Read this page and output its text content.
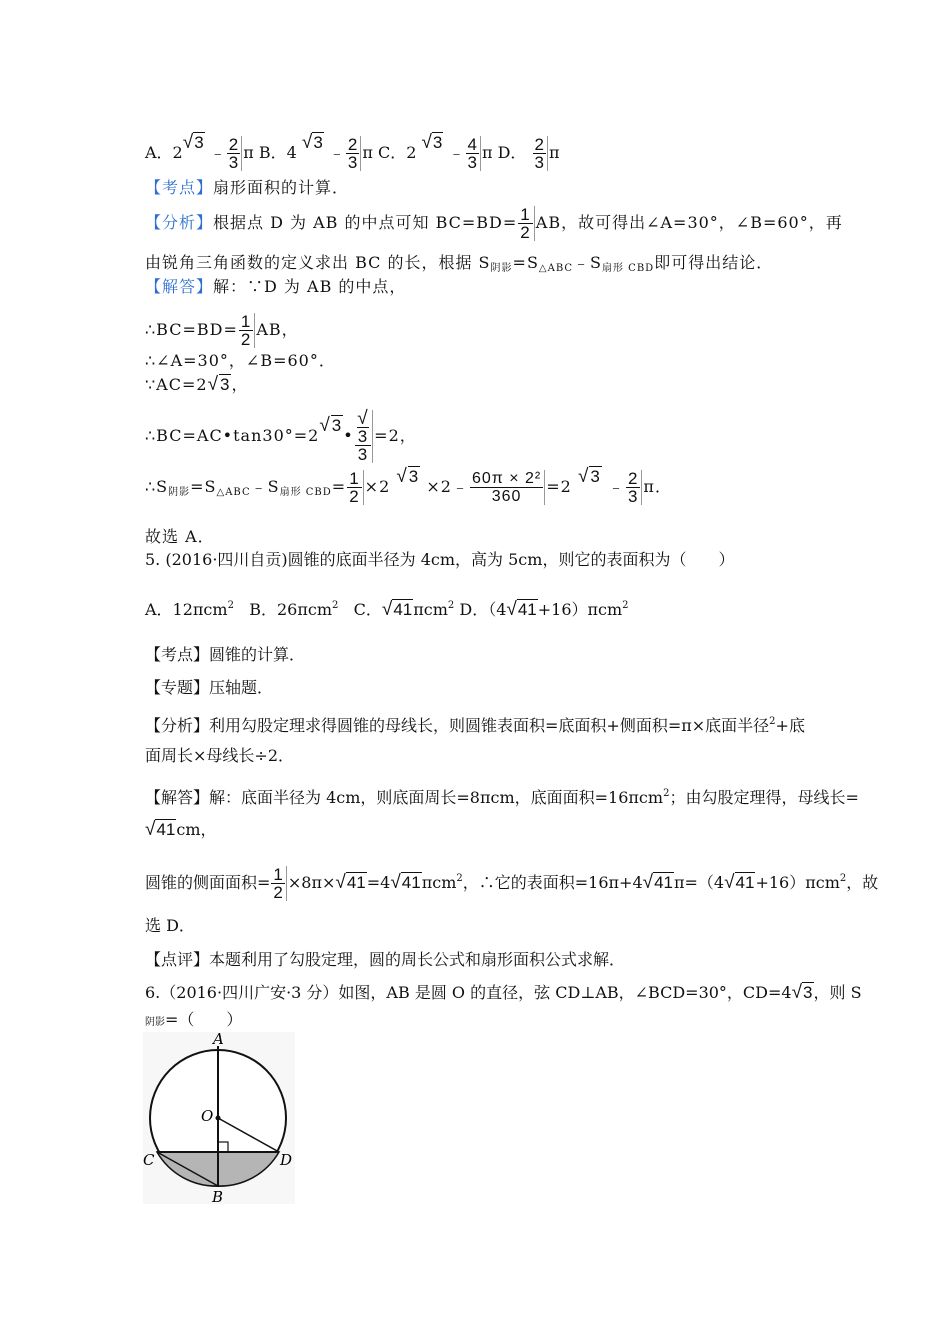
A．2√3 ﹣ $\frac{2}{3}$ π B．4 √3 ﹣ $\frac{2}{3}$ π C．2 √3 ﹣ $\frac{4}{3}$ π D． $\frac{2}{3}$ π
【考点】扇形面积的计算．
【分析】根据点 D 为 AB 的中点可知 $BC=BD= \frac{1}{2}$ AB，故可得出∠A=30°，∠B=60°，再
由锐角三角函数的定义求出 BC 的长，根据 $S_{阴影}=S_{\triangle ABC}﹣S_{扇形 CBD}$即可得出结论．
【解答】解：∵D 为 AB 的中点，
∴BC=BD= $\frac{1}{2}$ AB，
∴∠A=30°，∠B=60°．
∵AC=2√3，
∴BC=AC•tan30°=2√3• √
3
3 =2，
$\therefore S_{阴影}=S_{\triangle ABC}﹣S_{扇形 CBD}= \frac{1}{2} \times 2$ √3 ×2﹣ $\frac{\text{60π × 2²}}{360} =2$ √3 ﹣ $\frac{2}{3}$ π．
故选 A．
5. (2016·四川自贡)圆锥的底面半径为 4cm，高为 5cm，则它的表面积为（　　）
A．12πcm$^2$ B．26πcm$^2$ C．√41πcm$^2$ D．（4√41+16）πcm$^2$
【考点】圆锥的计算．
【专题】压轴题．
【分析】利用勾股定理求得圆锥的母线长，则圆锥表面积=底面积+侧面积=π×底面半径$^2$+底
面周长×母线长÷2．
【解答】解：底面半径为 4cm，则底面周长=8πcm，底面面积=16πcm$^2$；由勾股定理得，母线长=
√41cm，
圆锥的侧面面积= $\frac{1}{2} \times 8\pi\times√41=4√41\pi cm^2$，∴它的表面积=16π+4√41π=（4√41+16）πcm$^2$，故
选 D．
【点评】本题利用了勾股定理，圆的周长公式和扇形面积公式求解．
6.（2016·四川广安·3 分）如图，AB 是圆 O 的直径，弦 CD⊥AB，∠BCD=30°，CD=4√3，则 S
阴影=（　　）
A
O
C	D
B
